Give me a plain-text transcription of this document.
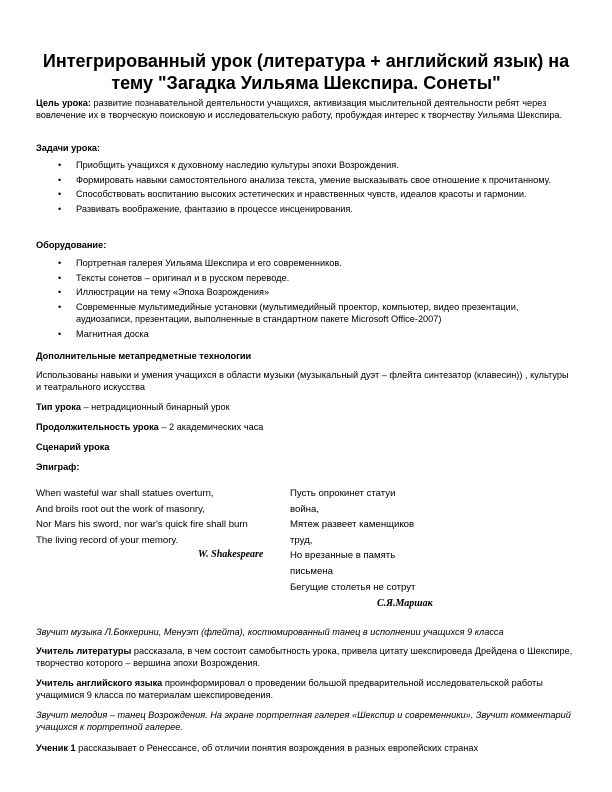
Интегрированный урок (литература + английский язык) на тему "Загадка Уильяма Шекспира. Сонеты"

Цель урока: развитие познавательной деятельности учащихся, активизация мыслительной деятельности ребят через вовлечение их в творческую поисковую и исследовательскую работу, пробуждая интерес к творчеству Уильяма Шекспира.

Задачи урока:

• Приобщить учащихся к духовному наследию культуры эпохи Возрождения.
• Формировать навыки самостоятельного анализа текста, умение высказывать свое отношение к прочитанному.
• Способствовать воспитанию высоких эстетических и нравственных чувств, идеалов красоты и гармонии.
• Развивать воображение, фантазию в процессе инсценирования.

Оборудование:

• Портретная галерея Уильяма Шекспира и его современников.
• Тексты сонетов – оригинал и в русском переводе.
• Иллюстрации на тему «Эпоха Возрождения»
• Современные мультимедийные установки (мультимедийный проектор, компьютер, видео презентации, аудиозаписи, презентации, выполненные в стандартном пакете Microsoft Office-2007)
• Магнитная доска

Дополнительные метапредметные технологии

Использованы навыки и умения учащихся в области музыки (музыкальный дуэт – флейта синтезатор (клавесин)) , культуры и театрального искусства

Тип урока – нетрадиционный бинарный урок

Продолжительность урока – 2 академических часа

Сценарий урока

Эпиграф:

When wasteful war shall statues overturn,
And broils root out the work of masonry,
Nor Mars his sword, nor war's quick fire shall burn
The living record of your memory.
W. Shakespeare
Пусть опрокинет статуи
война,
Мятеж развеет каменщиков
труд,
Но врезанные в память
письмена
Бегущие столетья не сотрут
С.Я.Маршак

Звучит музыка Л.Боккерини, Менуэт (флейта), костюмированный танец в исполнении учащихся 9 класса

Учитель литературы рассказала, в чем состоит самобытность урока, привела цитату шекспироведа Дрейдена о Шекспире, творчество которого – вершина эпохи Возрождения.

Учитель английского языка проинформировал о проведении большой предварительной исследовательской работы учащимися 9 класса по материалам шекспироведения.

Звучит мелодия – танец Возрождения. На экране портретная галерея «Шекспир и современники». Звучит комментарий учащихся к портретной галерее.

Ученик 1 рассказывает о Ренессансе, об отличии понятия возрождения в разных европейских странах
